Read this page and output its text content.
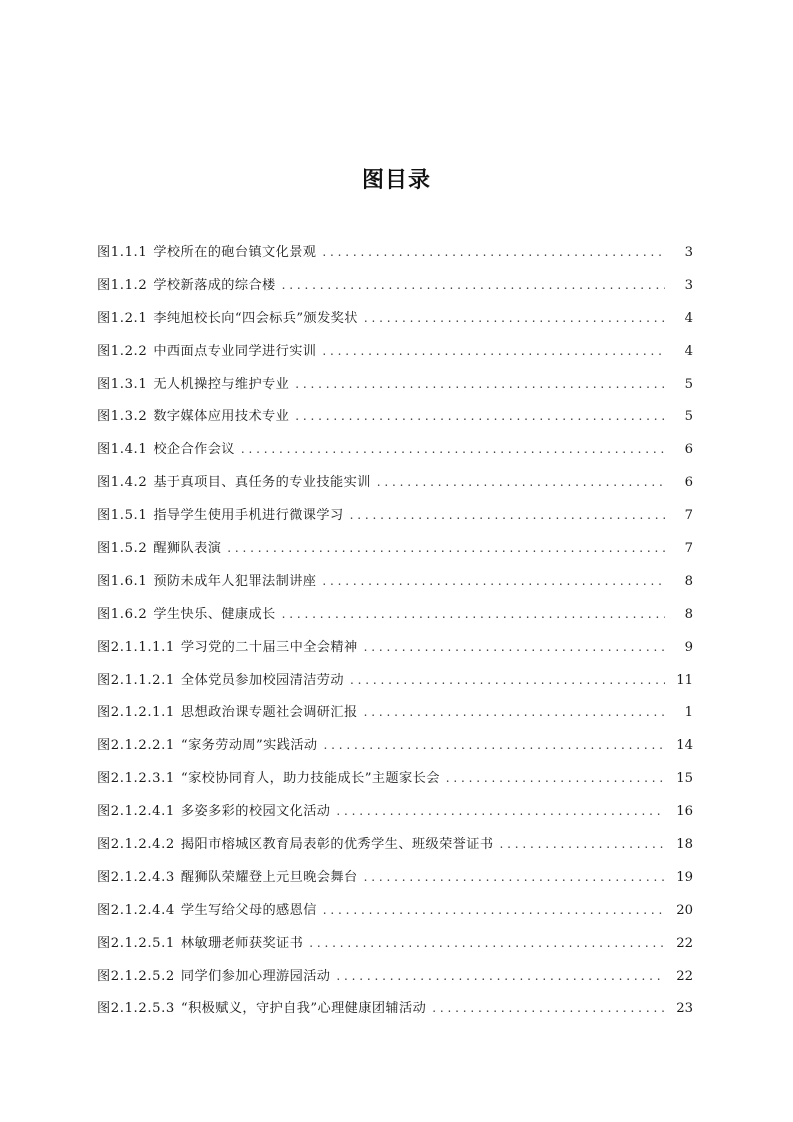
图目录
图1.1.1 学校所在的砲台镇文化景观 . . .	3
图1.1.2 学校新落成的综合楼 . . .	3
图1.2.1 李纯旭校长向“四会标兵”颁发奖状 . . .	4
图1.2.2 中西面点专业同学进行实训 . . .	4
图1.3.1 无人机操控与维护专业 . . .	5
图1.3.2 数字媒体应用技术专业 . . .	5
图1.4.1 校企合作会议 . . .	6
图1.4.2 基于真项目、真任务的专业技能实训 . . .	6
图1.5.1 指导学生使用手机进行微课学习 . . .	7
图1.5.2 醒狮队表演 . . .	7
图1.6.1 预防未成年人犯罪法制讲座 . . .	8
图1.6.2 学生快乐、健康成长 . . .	8
图2.1.1.1.1 学习党的二十届三中全会精神 . . .	9
图2.1.1.2.1 全体党员参加校园清洁劳动 . . .	11
图2.1.2.1.1 思想政治课专题社会调研汇报 . . .	1
图2.1.2.2.1 “家务劳动周”实践活动 . . .	14
图2.1.2.3.1 “家校协同育人，助力技能成长”主题家长会 . . .	15
图2.1.2.4.1 多姿多彩的校园文化活动 . . .	16
图2.1.2.4.2 揭阳市榕城区教育局表彰的优秀学生、班级荣誉证书 . . .	18
图2.1.2.4.3 醒狮队荣耀登上元旦晚会舞台 . . .	19
图2.1.2.4.4 学生写给父母的感恩信 . . .	20
图2.1.2.5.1 林敏珊老师获奖证书 . . .	22
图2.1.2.5.2 同学们参加心理游园活动 . . .	22
图2.1.2.5.3 “积极赋义，守护自我”心理健康团辅活动 . . .	23
